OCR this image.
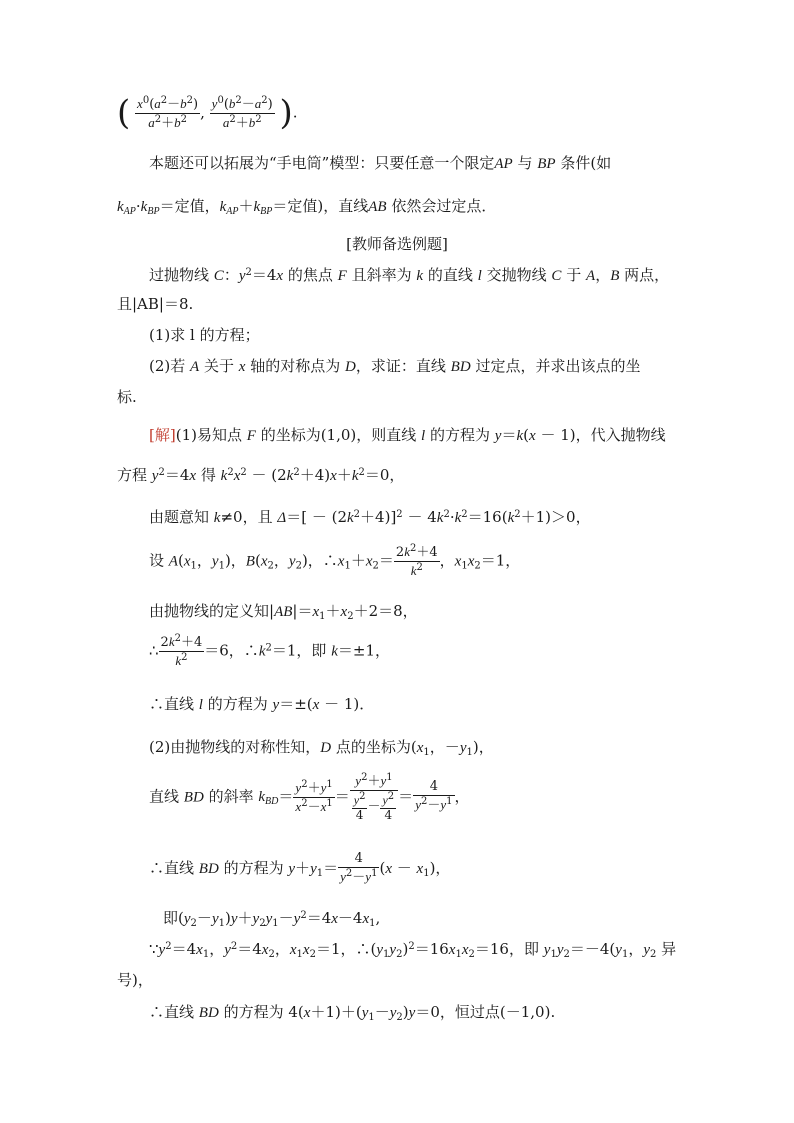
( $\frac{x^0(a^2-b^2)}{a^2+b^2}$ , $\frac{y^0(b^2-a^2)}{a^2+b^2}$ ).
本题还可以拓展为“手电筒”模型：只要任意一个限定AP 与 BP 条件(如
$k_{AP}\cdot k_{BP}=$定值，$k_{AP}+k_{BP}=$定值)，直线AB 依然会过定点．
[教师备选例题]
过抛物线 C：$y^2=4x$ 的焦点 F 且斜率为 k 的直线 l 交抛物线 C 于 A，B 两点，
且|AB|＝8.
(1)求 l 的方程；
(2)若 A 关于 x 轴的对称点为 D，求证：直线 BD 过定点，并求出该点的坐
标.
[解](1)易知点 F 的坐标为(1,0)，则直线 l 的方程为 y＝k(x － 1)，代入抛物线
方程 $y^2=4x$ 得 $k^2x^2 - (2k^2+4)x+k^2=0$，
由题意知 k≠0，且 $\Delta=[ - (2k^2+4)]^2 - 4k^2\cdot k^2=16(k^2+1)>0$，
设 $A(x_1$，$y_1$)，$B(x_2$，$y_2$)，$\therefore x_1+x_2= \frac{2k^2+4}{k^2}$ ，$x_1x_2=1$，
由抛物线的定义知$|AB|=x_1+x_2+2=8$，
∴ $\frac{2k^2+4}{k^2} =6$，$\therefore k^2=1$，即 k＝±1，
∴直线 l 的方程为 y＝±(x － 1)．
(2)由抛物线的对称性知，D 点的坐标为($x_1$，$-y_1$)，
直线 BD 的斜率 $k_{BD}= \frac{y^2+y^1}{x^2-x^1} = \frac{y^2+y^1}{\frac{y^2}{4} - \frac{y^2}{4}} = \frac{4}{y^2-y^1}$ ，
∴直线 BD 的方程为 $y+y_1= \frac{4}{y^2-y^1} (x - x_1)$，
即$(y_2-y_1)y+y_2y_1-y^2=4x-4x_1$,
$\because y^2=4x_1$，$y^2=4x_2$，$x_1x_2=1$，$\therefore(y_1y_2)^2=16x_1x_2=16$，即 $y_1y_2=-4(y_1$，$y_2$ 异
号)，
∴直线 BD 的方程为 $4(x+1)+(y_1-y_2)y=0$，恒过点(－1,0).
